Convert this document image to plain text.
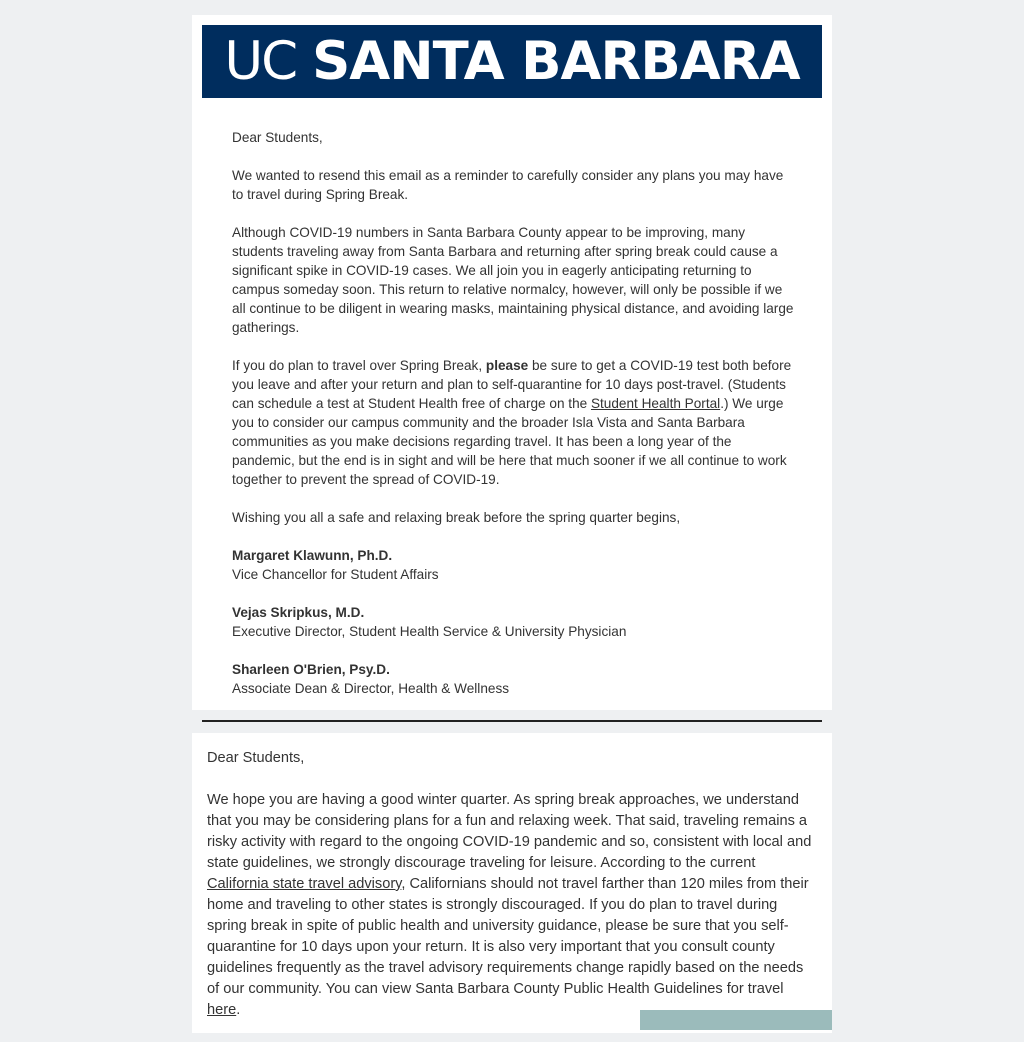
UC SANTA BARBARA

Dear Students,

We wanted to resend this email as a reminder to carefully consider any plans you may have to travel during Spring Break.

Although COVID-19 numbers in Santa Barbara County appear to be improving, many students traveling away from Santa Barbara and returning after spring break could cause a significant spike in COVID-19 cases. We all join you in eagerly anticipating returning to campus someday soon. This return to relative normalcy, however, will only be possible if we all continue to be diligent in wearing masks, maintaining physical distance, and avoiding large gatherings.

If you do plan to travel over Spring Break, please be sure to get a COVID-19 test both before you leave and after your return and plan to self-quarantine for 10 days post-travel. (Students can schedule a test at Student Health free of charge on the Student Health Portal.) We urge you to consider our campus community and the broader Isla Vista and Santa Barbara communities as you make decisions regarding travel. It has been a long year of the pandemic, but the end is in sight and will be here that much sooner if we all continue to work together to prevent the spread of COVID-19.

Wishing you all a safe and relaxing break before the spring quarter begins,

Margaret Klawunn, Ph.D.
Vice Chancellor for Student Affairs
Vejas Skripkus, M.D.
Executive Director, Student Health Service & University Physician
Sharleen O'Brien, Psy.D.
Associate Dean & Director, Health & Wellness

Dear Students,

We hope you are having a good winter quarter. As spring break approaches, we understand that you may be considering plans for a fun and relaxing week. That said, traveling remains a risky activity with regard to the ongoing COVID-19 pandemic and so, consistent with local and state guidelines, we strongly discourage traveling for leisure. According to the current California state travel advisory, Californians should not travel farther than 120 miles from their home and traveling to other states is strongly discouraged. If you do plan to travel during spring break in spite of public health and university guidance, please be sure that you self-quarantine for 10 days upon your return. It is also very important that you consult county guidelines frequently as the travel advisory requirements change rapidly based on the needs of our community. You can view Santa Barbara County Public Health Guidelines for travel here.
